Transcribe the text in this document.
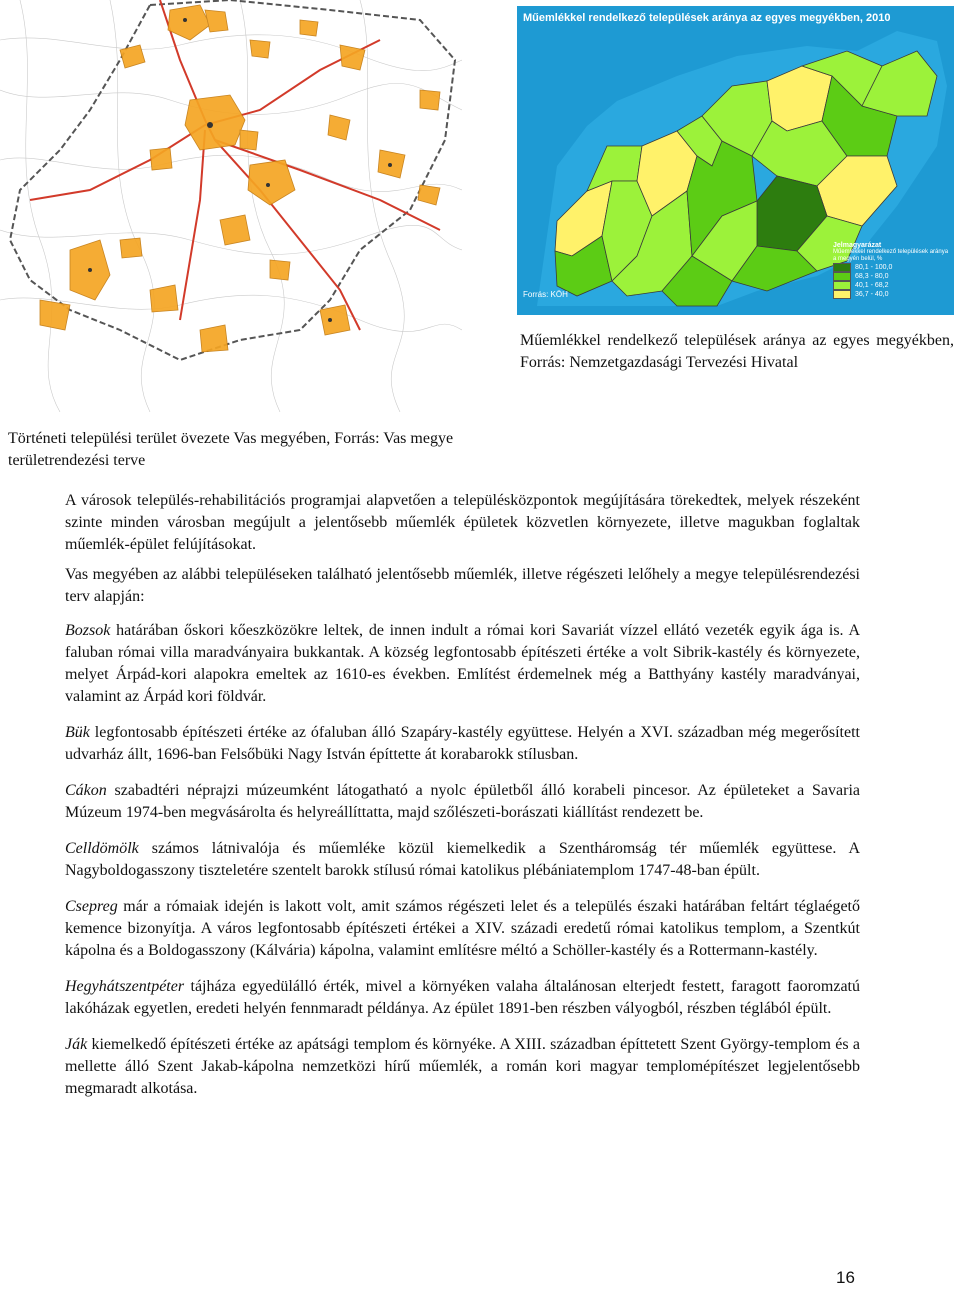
Műemlékkel rendelkező települések aránya az egyes megyékben, 2010
Forrás: KÖH
Jelmagyarázat
Műemlékkel rendelkező települések aránya a megyén belül, %
80,1 - 100,0
68,3 - 80,0
40,1 - 68,2
36,7 - 40,0
Műemlékkel rendelkező települések aránya az egyes megyékben, Forrás: Nemzetgazdasági Tervezési Hivatal
Történeti települési terület övezete Vas megyében, Forrás: Vas megye területrendezési terve

A városok település-rehabilitációs programjai alapvetően a településközpontok megújítására törekedtek, melyek részeként szinte minden városban megújult a jelentősebb műemlék épületek közvetlen környezete, illetve magukban foglaltak műemlék-épület felújításokat.

Vas megyében az alábbi településeken található jelentősebb műemlék, illetve régészeti lelőhely a megye településrendezési terv alapján:

Bozsok határában őskori kőeszközökre leltek, de innen indult a római kori Savariát vízzel ellátó vezeték egyik ága is. A faluban római villa maradványaira bukkantak. A község legfontosabb építészeti értéke a volt Sibrik-kastély és környezete, melyet Árpád-kori alapokra emeltek az 1610-es években. Említést érdemelnek még a Batthyány kastély maradványai, valamint az Árpád kori földvár.

Bük legfontosabb építészeti értéke az ófaluban álló Szapáry-kastély együttese. Helyén a XVI. században még megerősített udvarház állt, 1696-ban Felsőbüki Nagy István építtette át korabarokk stílusban.

Cákon szabadtéri néprajzi múzeumként látogatható a nyolc épületből álló korabeli pincesor. Az épületeket a Savaria Múzeum 1974-ben megvásárolta és helyreállíttatta, majd szőlészeti-borászati kiállítást rendezett be.

Celldömölk számos látnivalója és műemléke közül kiemelkedik a Szentháromság tér műemlék együttese. A Nagyboldogasszony tiszteletére szentelt barokk stílusú római katolikus plébániatemplom 1747-48-ban épült.

Csepreg már a rómaiak idején is lakott volt, amit számos régészeti lelet és a település északi határában feltárt téglaégető kemence bizonyítja. A város legfontosabb építészeti értékei a XIV. századi eredetű római katolikus templom, a Szentkút kápolna és a Boldogasszony (Kálvária) kápolna, valamint említésre méltó a Schöller-kastély és a Rottermann-kastély.

Hegyhátszentpéter tájháza egyedülálló érték, mivel a környéken valaha általánosan elterjedt festett, faragott faoromzatú lakóházak egyetlen, eredeti helyén fennmaradt példánya. Az épület 1891-ben részben vályogból, részben téglából épült.

Ják kiemelkedő építészeti értéke az apátsági templom és környéke. A XIII. században építtetett Szent György-templom és a mellette álló Szent Jakab-kápolna nemzetközi hírű műemlék, a román kori magyar templomépítészet legjelentősebb megmaradt alkotása.

16
